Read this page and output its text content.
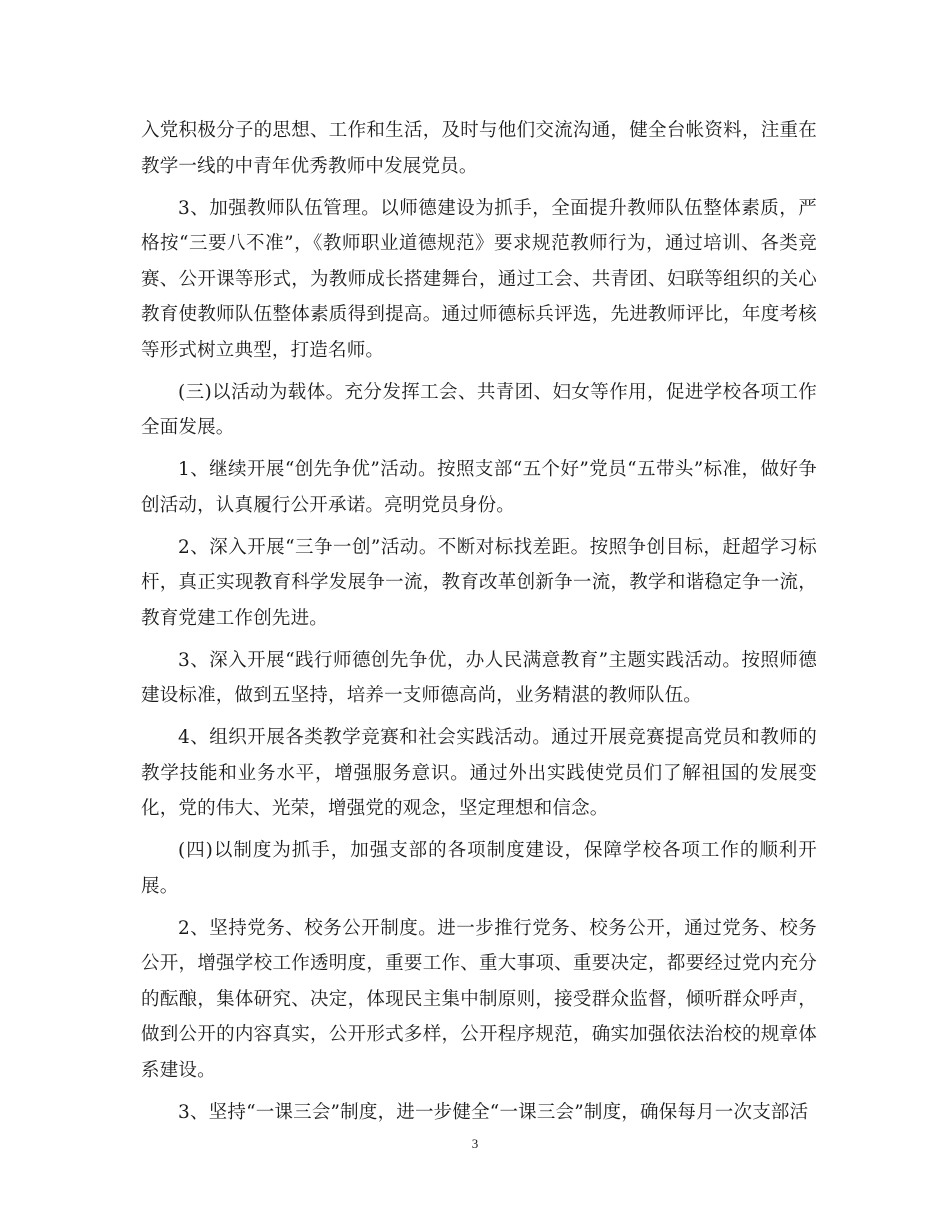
入党积极分子的思想、工作和生活，及时与他们交流沟通，健全台帐资料，注重在教学一线的中青年优秀教师中发展党员。

3、加强教师队伍管理。以师德建设为抓手，全面提升教师队伍整体素质，严格按“三要八不准”，《教师职业道德规范》要求规范教师行为，通过培训、各类竞赛、公开课等形式，为教师成长搭建舞台，通过工会、共青团、妇联等组织的关心教育使教师队伍整体素质得到提高。通过师德标兵评选，先进教师评比，年度考核等形式树立典型，打造名师。

(三)以活动为载体。充分发挥工会、共青团、妇女等作用，促进学校各项工作全面发展。

1、继续开展“创先争优”活动。按照支部“五个好”党员“五带头”标准，做好争创活动，认真履行公开承诺。亮明党员身份。

2、深入开展“三争一创”活动。不断对标找差距。按照争创目标，赶超学习标杆，真正实现教育科学发展争一流，教育改革创新争一流，教学和谐稳定争一流，教育党建工作创先进。

3、深入开展“践行师德创先争优，办人民满意教育”主题实践活动。按照师德建设标准，做到五坚持，培养一支师德高尚，业务精湛的教师队伍。

4、组织开展各类教学竞赛和社会实践活动。通过开展竞赛提高党员和教师的教学技能和业务水平，增强服务意识。通过外出实践使党员们了解祖国的发展变化，党的伟大、光荣，增强党的观念，坚定理想和信念。

(四)以制度为抓手，加强支部的各项制度建设，保障学校各项工作的顺利开展。

2、坚持党务、校务公开制度。进一步推行党务、校务公开，通过党务、校务公开，增强学校工作透明度，重要工作、重大事项、重要决定，都要经过党内充分的酝酿，集体研究、决定，体现民主集中制原则，接受群众监督，倾听群众呼声，做到公开的内容真实，公开形式多样，公开程序规范，确实加强依法治校的规章体系建设。

3、坚持“一课三会”制度，进一步健全“一课三会”制度，确保每月一次支部活

3
